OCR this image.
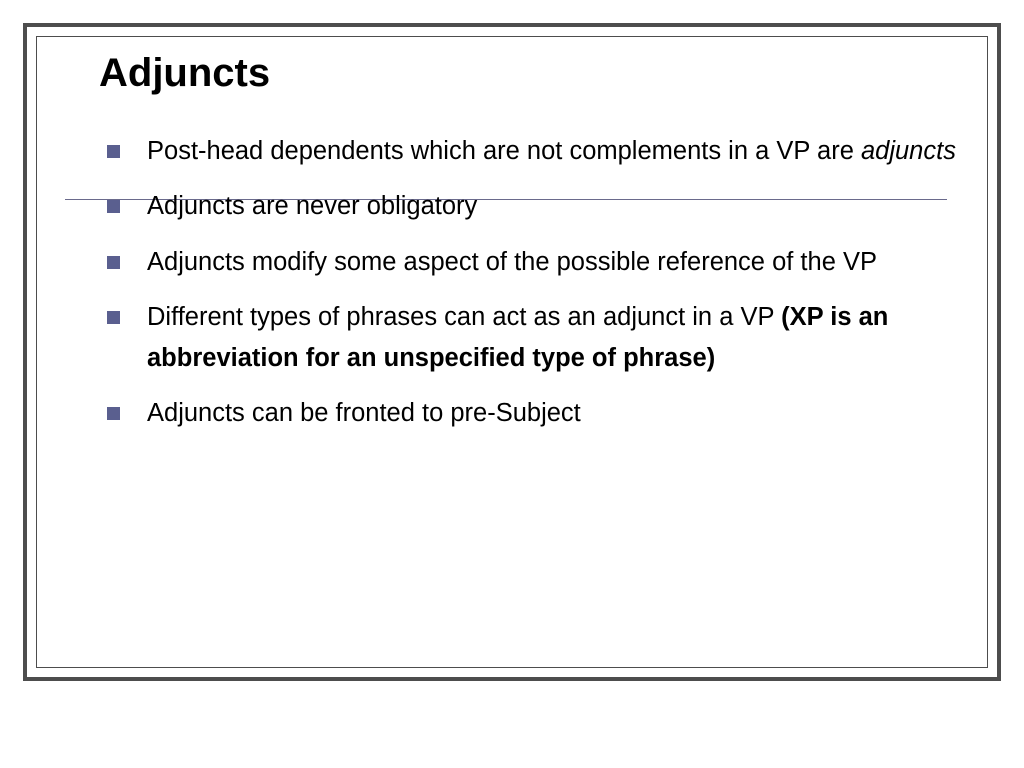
Adjuncts
Post-head dependents which are not complements in a VP are adjuncts
Adjuncts are never obligatory
Adjuncts modify some aspect of the possible reference of the VP
Different types of phrases can act as an adjunct in a VP (XP is an abbreviation for an unspecified type of phrase)
Adjuncts can be fronted to pre-Subject
